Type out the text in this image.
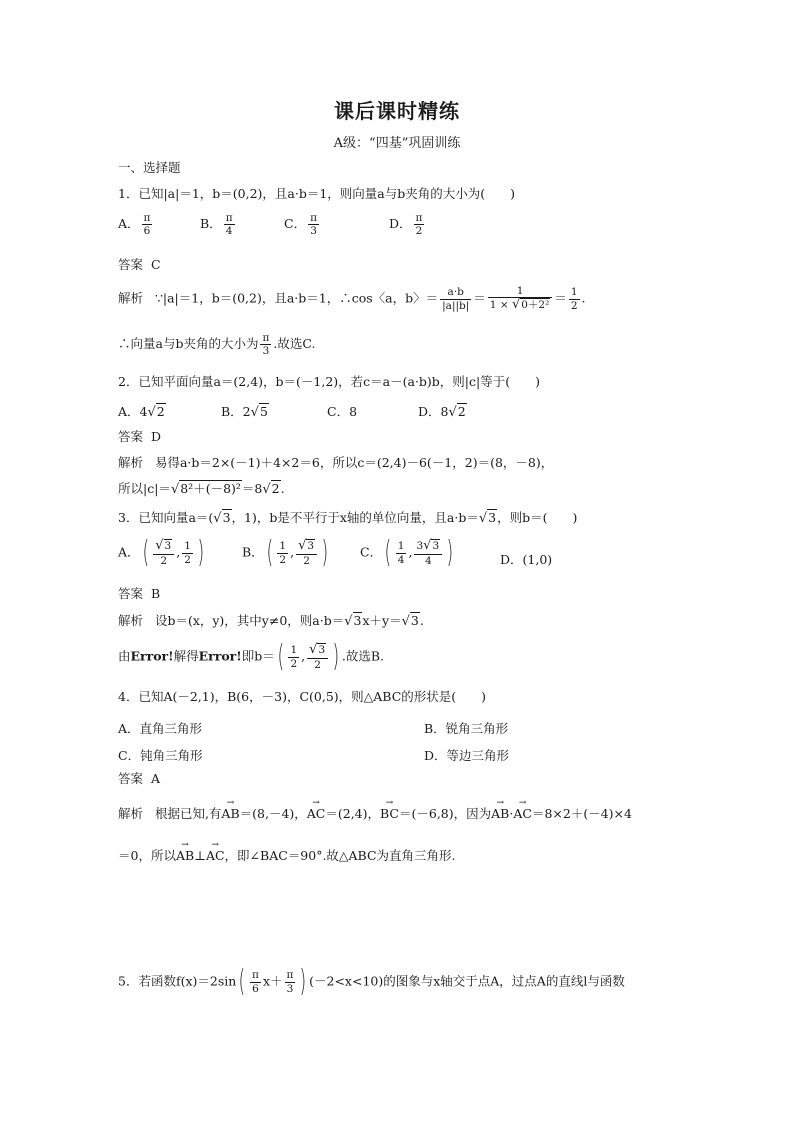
课后课时精练
A级：“四基”巩固训练
一、选择题
1．已知|a|＝1，b＝(0,2)，且a·b＝1，则向量a与b夹角的大小为(　　)
A． $\frac{\pi}{6}$	B． $\frac{\pi}{4}$	C． $\frac{\pi}{3}$	D． $\frac{\pi}{2}$
答案 C
解析 ∵|a|＝1，b＝(0,2)，且a·b＝1，∴cos〈a，b〉＝ $\frac{a\cdot b}{|a||b|} = \frac{1}{\text{1 × √0＋2²}} = \frac{1}{2}$ .
∴向量a与b夹角的大小为 $\frac{\pi}{3}$ .故选C.
2．已知平面向量a＝(2,4)，b＝(－1,2)，若c＝a－(a·b)b，则|c|等于(　　)
A．4√2	B．2√5	C．8	D．8√2
答案 D
解析 易得a·b＝2×(－1)＋4×2＝6，所以c＝(2,4)－6(－1，2)＝(8，－8)，
所以|c|＝√8²＋(－8)²＝8√2.
3．已知向量a＝(√3，1)，b是不平行于x轴的单位向量，且a·b＝√3，则b＝(　　)
A．( $\frac{√3}{2}$ , $\frac{1}{2}$ )	B．( $\frac{1}{2}$ , $\frac{√3}{2}$ )	C．( $\frac{1}{4}$ , $\frac{3√3}{4}$ )	D．(1,0)
答案 B
解析 设b＝(x，y)，其中y≠0，则a·b＝√3x＋y＝√3.
由Error!解得Error!即$b=( \frac{1}{2}$ , $\frac{√3}{2}$ ) .故选B.
4．已知A(－2,1)，B(6，－3)，C(0,5)，则△ABC的形状是(　　)
A．直角三角形	B．锐角三角形
C．钝角三角形	D．等边三角形
答案 A
解析 根据已知,有→ AB＝(8,－4)，→ AC＝(2,4)，→ BC＝(－6,8)，因为→ AB·→ AC＝8×2＋(－4)×4
＝0，所以→ AB⊥→ AC，即∠BAC＝90°.故△ABC为直角三角形.
5．若函数$f(x)=2\sin( \frac{\pi}{6} x+ \frac{\pi}{3}$ ) (－2<x<10)的图象与x轴交于点A，过点A的直线l与函数
